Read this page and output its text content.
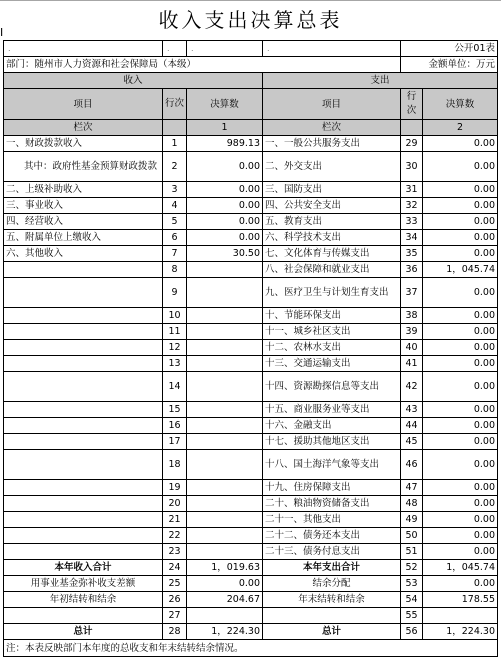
收入支出决算总表
I
.	.	.	.	公开01表	
部门：随州市人力资源和社会保障局（本级）				金额单位：万元	
收入			支出		
项目	行次	决算数	项目	行次	决算数
栏次		1	栏次		2
一、财政拨款收入	1	989.13	一、一般公共服务支出	29	0.00
其中：政府性基金预算财政拨款	2	0.00	二、外交支出	30	0.00
二、上级补助收入	3	0.00	三、国防支出	31	0.00
三、事业收入	4	0.00	四、公共安全支出	32	0.00
四、经营收入	5	0.00	五、教育支出	33	0.00
五、附属单位上缴收入	6	0.00	六、科学技术支出	34	0.00
六、其他收入	7	30.50	七、文化体育与传媒支出	35	0.00
	8		八、社会保障和就业支出	36	1，045.74
	9		九、医疗卫生与计划生育支出	37	0.00
	10		十、节能环保支出	38	0.00
	11		十一、城乡社区支出	39	0.00
	12		十二、农林水支出	40	0.00
	13		十三、交通运输支出	41	0.00
	14		十四、资源勘探信息等支出	42	0.00
	15		十五、商业服务业等支出	43	0.00
	16		十六、金融支出	44	0.00
	17		十七、援助其他地区支出	45	0.00
	18		十八、国土海洋气象等支出	46	0.00
	19		十九、住房保障支出	47	0.00
	20		二十、粮油物资储备支出	48	0.00
	21		二十一、其他支出	49	0.00
	22		二十二、债务还本支出	50	0.00
	23		二十三、债务付息支出	51	0.00
本年收入合计	24	1，019.63	本年支出合计	52	1，045.74
用事业基金弥补收支差额	25	0.00	结余分配	53	0.00
年初结转和结余	26	204.67	年末结转和结余	54	178.55
	27			55	
总计	28	1，224.30	总计	56	1，224.30
注：本表反映部门本年度的总收支和年末结转结余情况。					
